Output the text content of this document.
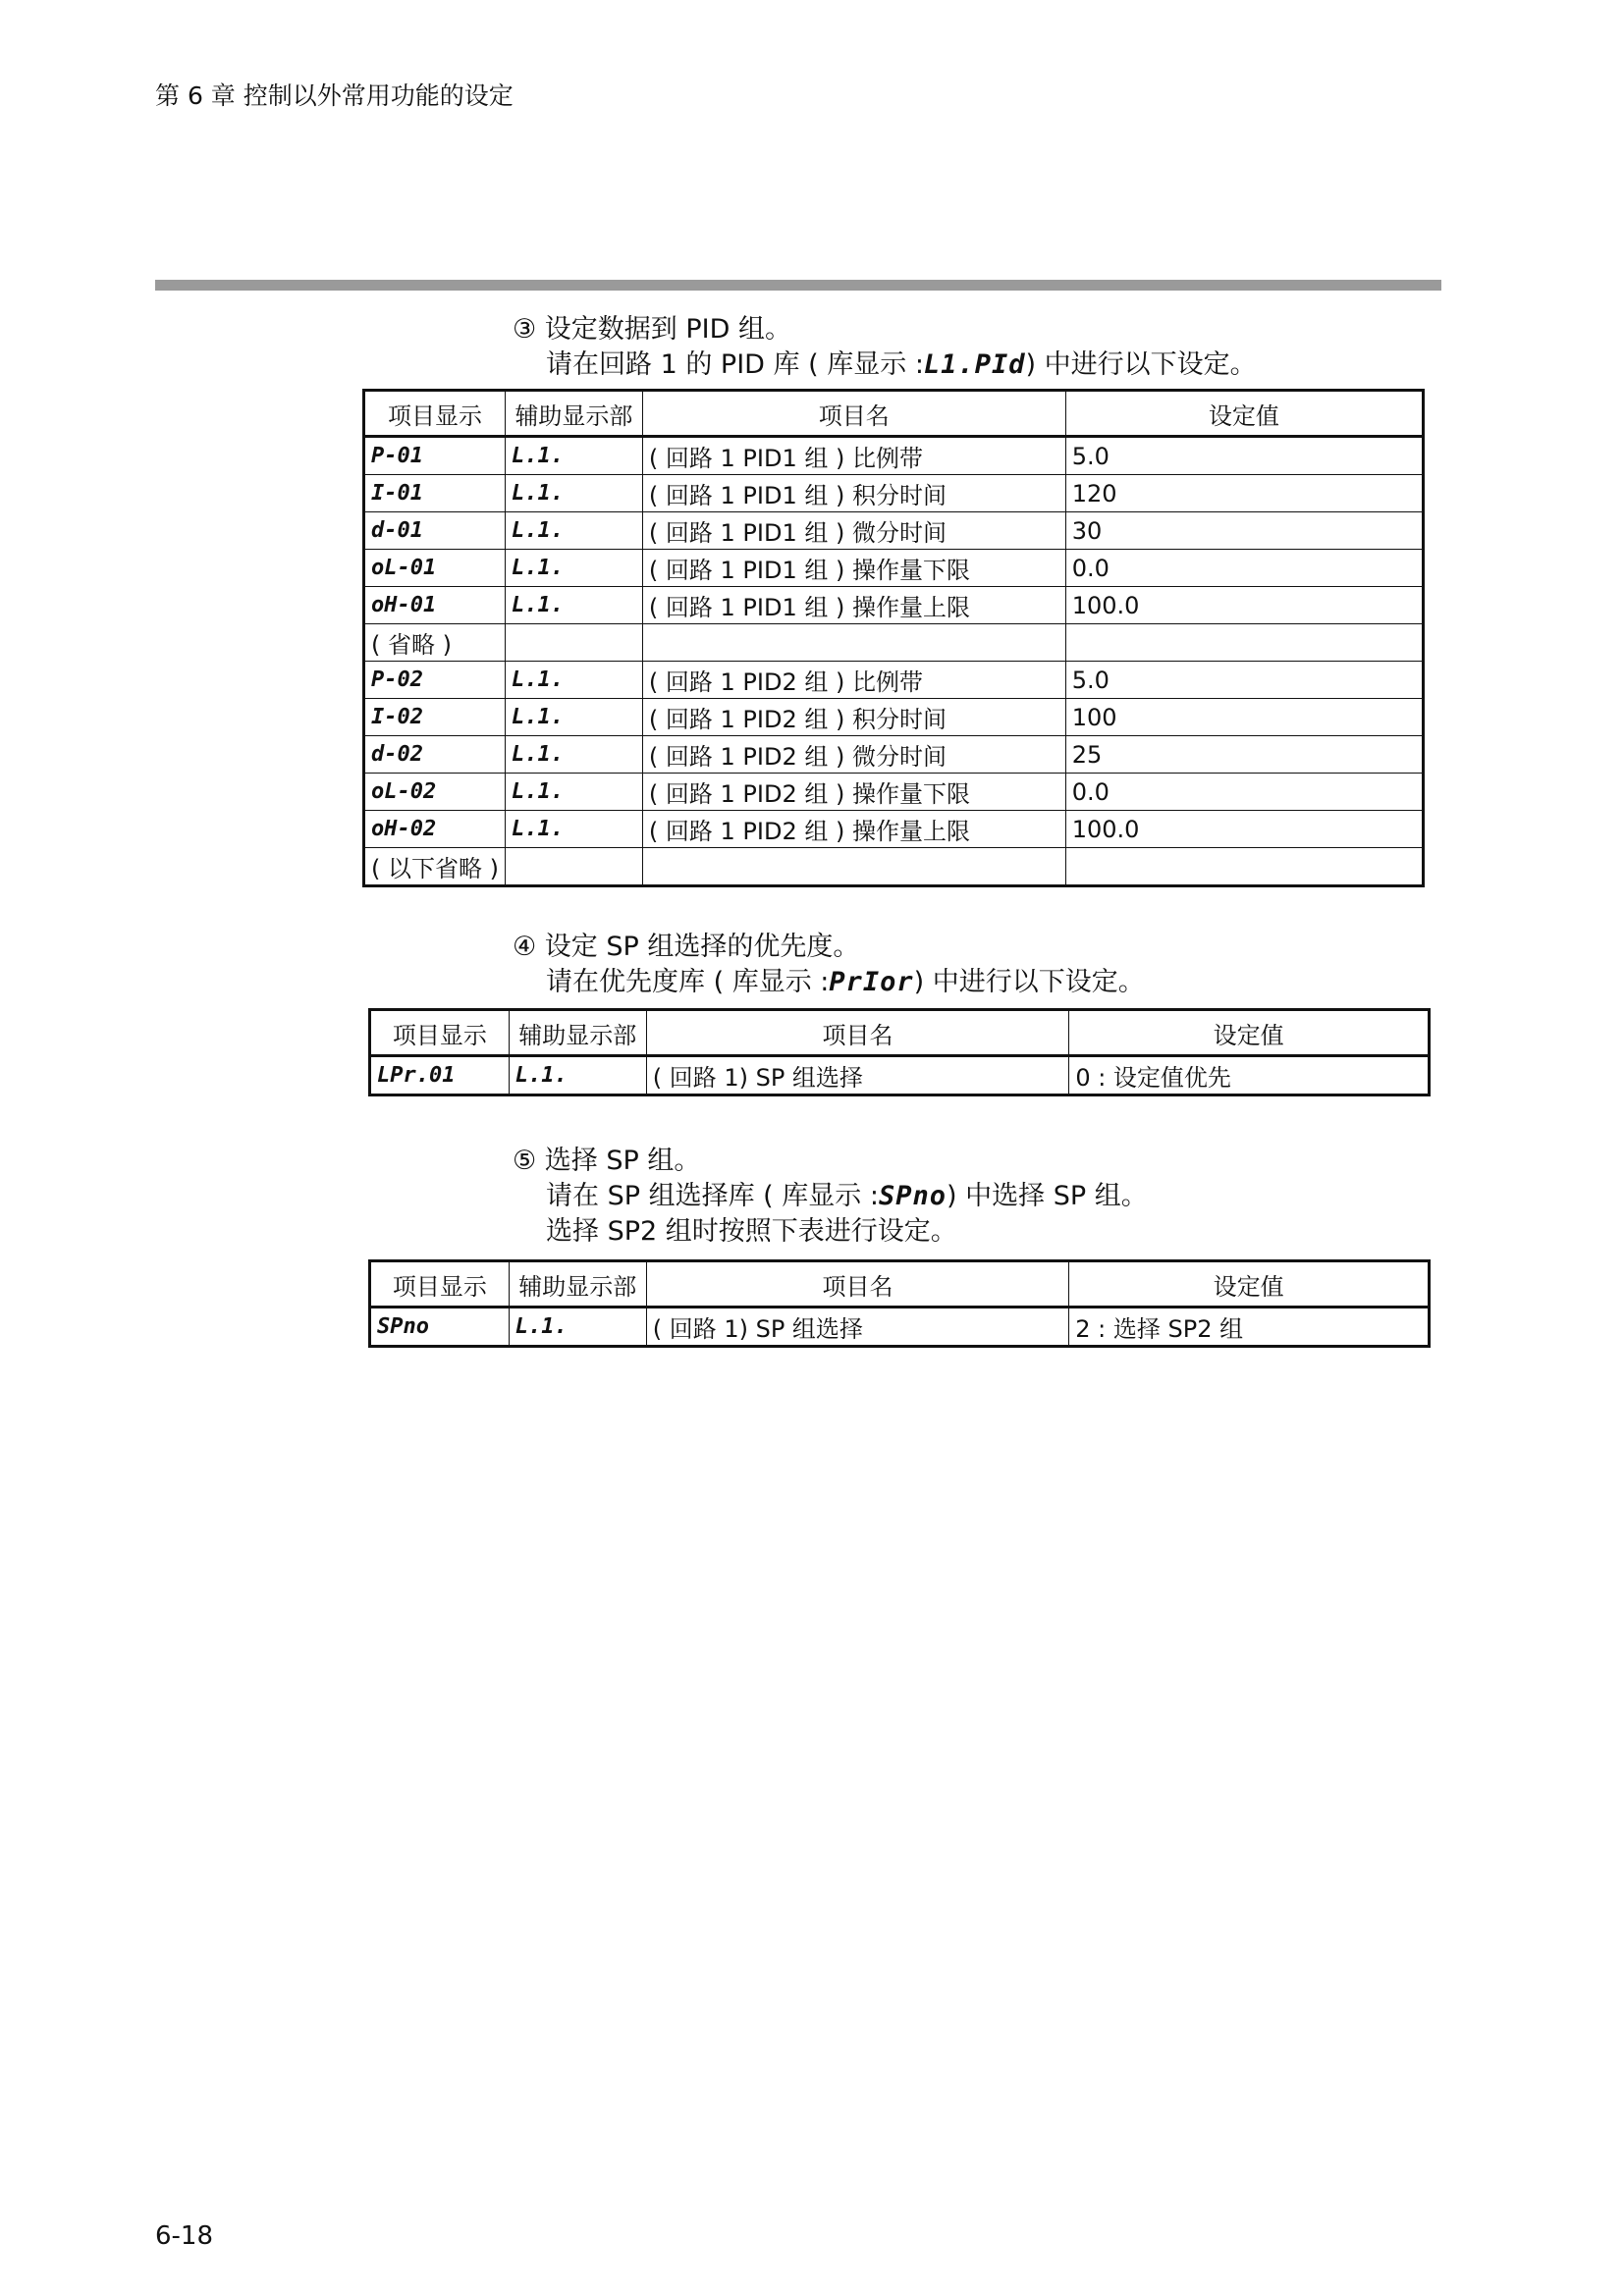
第 6 章 控制以外常用功能的设定
③ 设定数据到 PID 组。
请在回路 1 的 PID 库 ( 库显示 :L1.PId) 中进行以下设定。
项目显示	辅助显示部	项目名	设定值
P-01	L.1.	( 回路 1 PID1 组 ) 比例带	5.0
I-01	L.1.	( 回路 1 PID1 组 ) 积分时间	120
d-01	L.1.	( 回路 1 PID1 组 ) 微分时间	30
oL-01	L.1.	( 回路 1 PID1 组 ) 操作量下限	0.0
oH-01	L.1.	( 回路 1 PID1 组 ) 操作量上限	100.0
( 省略 )			
P-02	L.1.	( 回路 1 PID2 组 ) 比例带	5.0
I-02	L.1.	( 回路 1 PID2 组 ) 积分时间	100
d-02	L.1.	( 回路 1 PID2 组 ) 微分时间	25
oL-02	L.1.	( 回路 1 PID2 组 ) 操作量下限	0.0
oH-02	L.1.	( 回路 1 PID2 组 ) 操作量上限	100.0
( 以下省略 )			
④ 设定 SP 组选择的优先度。
请在优先度库 ( 库显示 :PrIor) 中进行以下设定。
项目显示	辅助显示部	项目名	设定值
LPr.01	L.1.	( 回路 1) SP 组选择	0 : 设定值优先
⑤ 选择 SP 组。
请在 SP 组选择库 ( 库显示 :SPno) 中选择 SP 组。
选择 SP2 组时按照下表进行设定。
项目显示	辅助显示部	项目名	设定值
SPno	L.1.	( 回路 1) SP 组选择	2 : 选择 SP2 组
6-18
